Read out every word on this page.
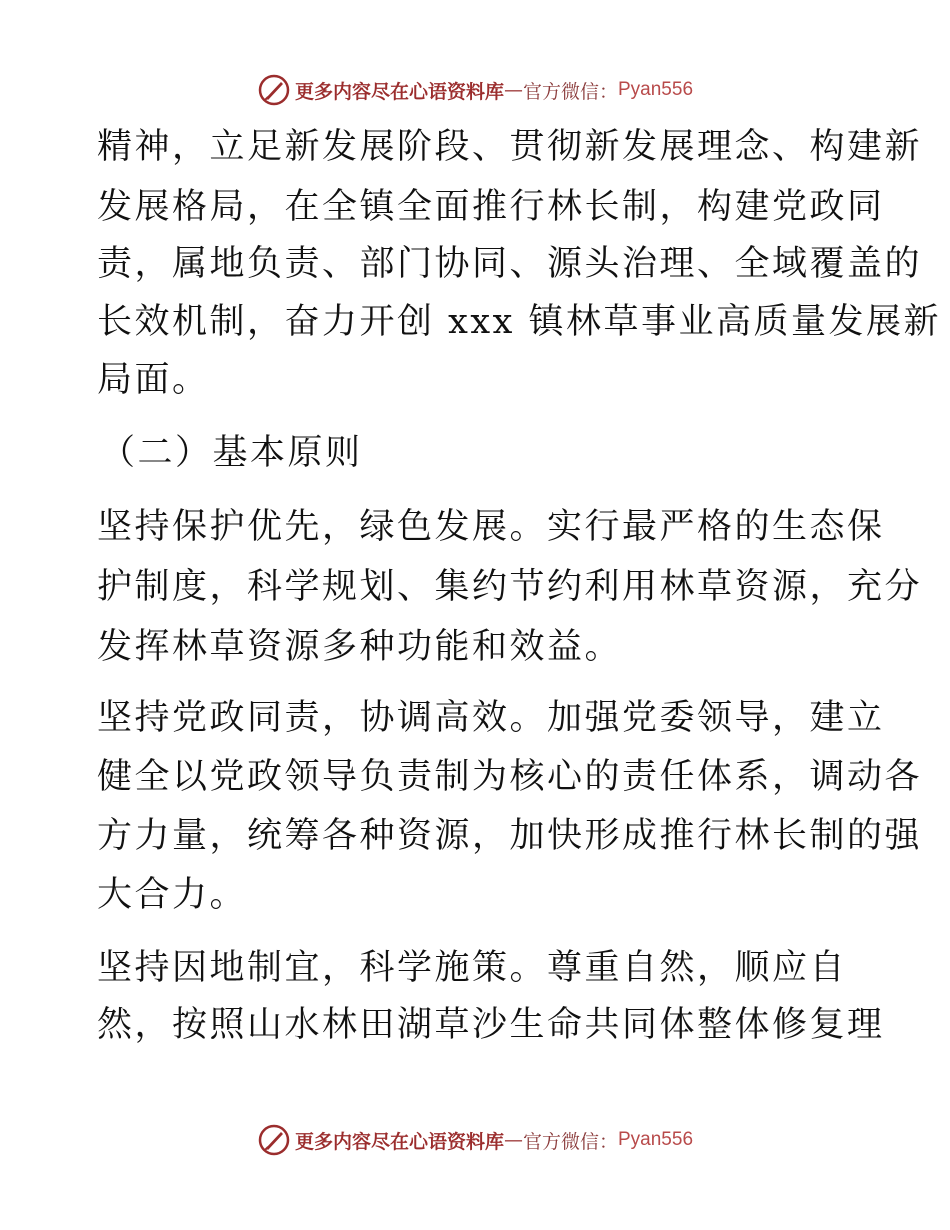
更多内容尽在心语资料库 — 官方微信： Pyan556
精神，立足新发展阶段、贯彻新发展理念、构建新
发展格局，在全镇全面推行林长制，构建党政同
责，属地负责、部门协同、源头治理、全域覆盖的
长效机制，奋力开创 xxx 镇林草事业高质量发展新
局面。
（二）基本原则
坚持保护优先，绿色发展。实行最严格的生态保
护制度，科学规划、集约节约利用林草资源，充分
发挥林草资源多种功能和效益。
坚持党政同责，协调高效。加强党委领导，建立
健全以党政领导负责制为核心的责任体系，调动各
方力量，统筹各种资源，加快形成推行林长制的强
大合力。
坚持因地制宜，科学施策。尊重自然，顺应自
然，按照山水林田湖草沙生命共同体整体修复理
更多内容尽在心语资料库 — 官方微信： Pyan556
